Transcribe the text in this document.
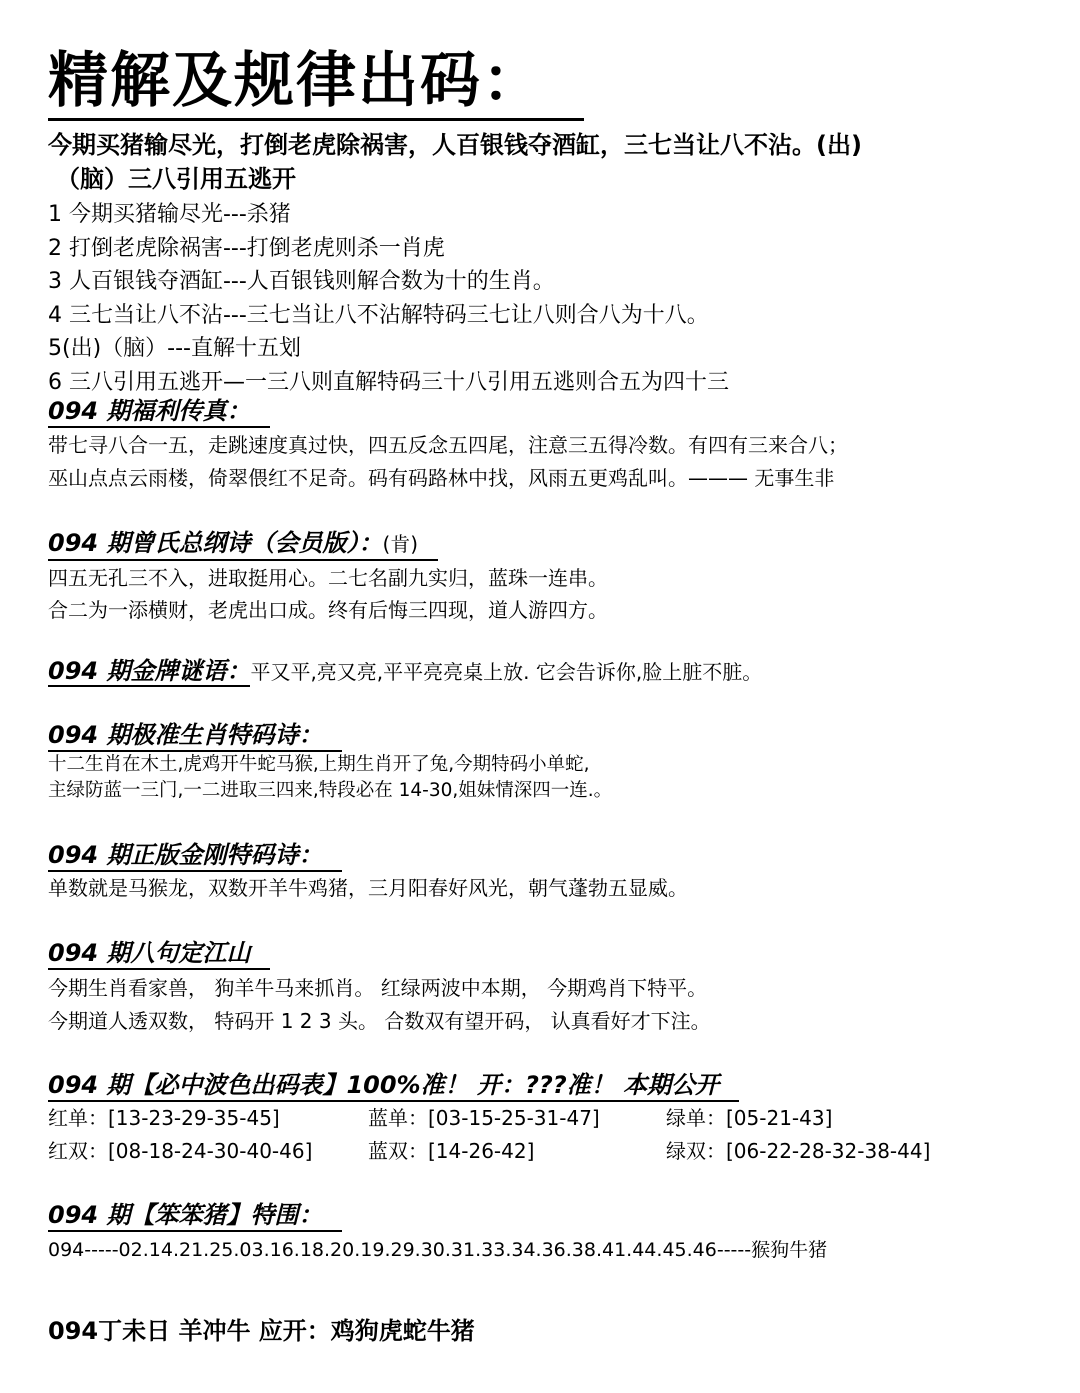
精解及规律出码：
今期买猪输尽光，打倒老虎除祸害，人百银钱夺酒缸，三七当让八不沾。(出)
（脑）三八引用五逃开
1 今期买猪输尽光---杀猪
2 打倒老虎除祸害---打倒老虎则杀一肖虎
3 人百银钱夺酒缸---人百银钱则解合数为十的生肖。
4 三七当让八不沾---三七当让八不沾解特码三七让八则合八为十八。
5(出)（脑）---直解十五划
6 三八引用五逃开—一三八则直解特码三十八引用五逃则合五为四十三
094 期福利传真：
带七寻八合一五，走跳速度真过快，四五反念五四尾，注意三五得冷数。有四有三来合八；
巫山点点云雨楼，倚翠偎红不足奇。码有码路林中找，风雨五更鸡乱叫。——— 无事生非
094 期曾氏总纲诗（会员版）：(肯)
四五无孔三不入，进取挺用心。二七名副九实归，蓝珠一连串。
合二为一添横财，老虎出口成。终有后悔三四现，道人游四方。
094 期金牌谜语：平又平,亮又亮,平平亮亮桌上放. 它会告诉你,脸上脏不脏。
094 期极准生肖特码诗：
十二生肖在木土,虎鸡开牛蛇马猴,上期生肖开了兔,今期特码小单蛇,
主绿防蓝一三门,一二进取三四来,特段必在 14-30,姐妹情深四一连.。
094 期正版金刚特码诗：
单数就是马猴龙，双数开羊牛鸡猪，三月阳春好风光，朝气蓬勃五显威。
094 期八句定江山
今期生肖看家兽， 狗羊牛马来抓肖。 红绿两波中本期， 今期鸡肖下特平。
今期道人透双数， 特码开 1 2 3 头。 合数双有望开码， 认真看好才下注。
094 期【必中波色出码表】100%准！ 开：???准！ 本期公开
红单：[13-23-29-35-45]	蓝单：[03-15-25-31-47]	绿单：[05-21-43]
红双：[08-18-24-30-40-46]	蓝双：[14-26-42]	绿双：[06-22-28-32-38-44]
094 期【笨笨猪】特围：
094-----02.14.21.25.03.16.18.20.19.29.30.31.33.34.36.38.41.44.45.46-----猴狗牛猪
094丁未日 羊冲牛 应开：鸡狗虎蛇牛猪
